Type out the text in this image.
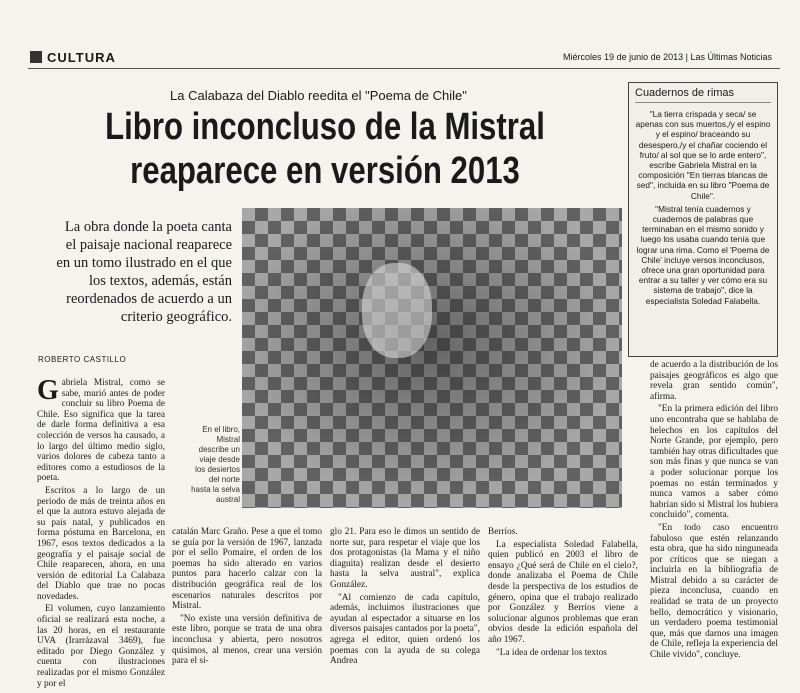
CULTURA	Miércoles 19 de junio de 2013 | Las Últimas Noticias
La Calabaza del Diablo reedita el "Poema de Chile"
Libro inconcluso de la Mistral
reaparece en versión 2013
La obra donde la poeta canta el paisaje nacional reaparece en un tomo ilustrado en el que los textos, además, están reordenados de acuerdo a un criterio geográfico.
ROBERTO CASTILLO
En el libro, Mistral describe un viaje desde los desiertos del norte hasta la selva austral

Gabriela Mistral, como se sabe, murió antes de poder concluir su libro Poema de Chile. Eso significa que la tarea de darle forma definitiva a esa colección de versos ha causado, a lo largo del último medio siglo, varios dolores de cabeza tanto a editores como a estudiosos de la poeta.

Escritos a lo largo de un período de más de treinta años en el que la autora estuvo alejada de su país natal, y publicados en forma póstuma en Barcelona, en 1967, esos textos dedicados a la geografía y el paisaje social de Chile reaparecen, ahora, en una versión de editorial La Calabaza del Diablo que trae no pocas novedades.

El volumen, cuyo lanzamiento oficial se realizará esta noche, a las 20 horas, en el restaurante UVA (Irarrázaval 3469), fue editado por Diego González y cuenta con ilustraciones realizadas por el mismo González y por el

catalán Marc Graño. Pese a que el tomo se guía por la versión de 1967, lanzada por el sello Pomaire, el orden de los poemas ha sido alterado en varios puntos para hacerlo calzar con la distribución geográfica real de los escenarios naturales descritos por Mistral.

"No existe una versión definitiva de este libro, porque se trata de una obra inconclusa y abierta, pero nosotros quisimos, al menos, crear una versión para el si-

glo 21. Para eso le dimos un sentido de norte sur, para respetar el viaje que los dos protagonistas (la Mama y el niño diaguita) realizan desde el desierto hasta la selva austral", explica González.

"Al comienzo de cada capítulo, además, incluimos ilustraciones que ayudan al espectador a situarse en los diversos paisajes cantados por la poeta", agrega el editor, quien ordenó los poemas con la ayuda de su colega Andrea

Berríos.

La especialista Soledad Falabella, quien publicó en 2003 el libro de ensayo ¿Qué será de Chile en el cielo?, donde analizaba el Poema de Chile desde la perspectiva de los estudios de género, opina que el trabajo realizado por González y Berríos viene a solucionar algunos problemas que eran obvios desde la edición española del año 1967.

"La idea de ordenar los textos

de acuerdo a la distribución de los paisajes geográficos es algo que revela gran sentido común", afirma.

"En la primera edición del libro uno encontraba que se hablaba de helechos en los capítulos del Norte Grande, por ejemplo, pero también hay otras dificultades que son más finas y que nunca se van a poder solucionar porque los poemas no están terminados y nunca vamos a saber cómo habrían sido si Mistral los hubiera concluido", comenta.

"En todo caso encuentro fabuloso que estén relanzando esta obra, que ha sido ninguneada por críticos que se niegan a incluirla en la bibliografía de Mistral debido a su carácter de pieza inconclusa, cuando en realidad se trata de un proyecto bello, democrático y visionario, un verdadero poema testimonial que, más que darnos una imagen de Chile, refleja la experiencia del Chile vivido", concluye.

Cuadernos de rimas

"La tierra crispada y seca/ se apenas con sus muertos,/y el espino y el espino/ braceando su desespero,/y el chañar cociendo el fruto/ al sol que se lo arde entero", escribe Gabriela Mistral en la composición "En tierras blancas de sed", incluida en su libro "Poema de Chile".

"Mistral tenía cuadernos y cuadernos de palabras que terminaban en el mismo sonido y luego los usaba cuando tenía que lograr una rima. Como el 'Poema de Chile' incluye versos inconclusos, ofrece una gran oportunidad para entrar a su taller y ver cómo era su sistema de trabajo", dice la especialista Soledad Falabella.
